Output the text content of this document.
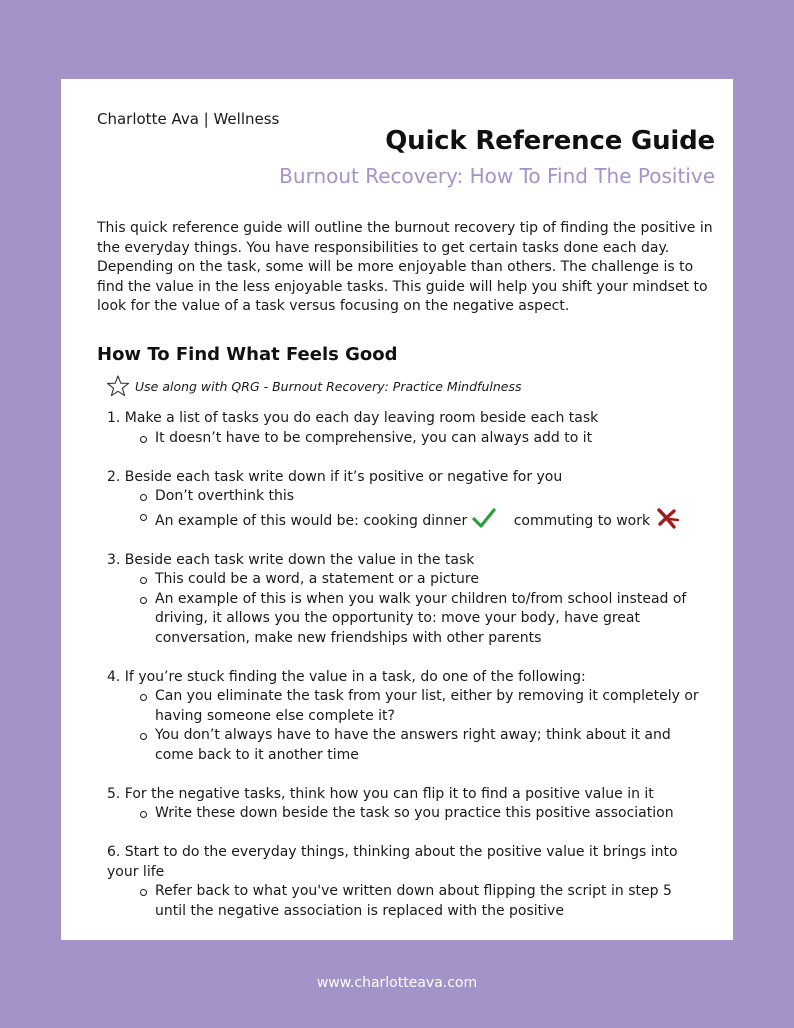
Charlotte Ava | Wellness
Quick Reference Guide
Burnout Recovery: How To Find The Positive
This quick reference guide will outline the burnout recovery tip of finding the positive in the everyday things. You have responsibilities to get certain tasks done each day. Depending on the task, some will be more enjoyable than others. The challenge is to find the value in the less enjoyable tasks. This guide will help you shift your mindset to look for the value of a task versus focusing on the negative aspect.
How To Find What Feels Good
Use along with QRG - Burnout Recovery: Practice Mindfulness
1. Make a list of tasks you do each day leaving room beside each task
It doesn’t have to be comprehensive, you can always add to it
2. Beside each task write down if it’s positive or negative for you
Don’t overthink this
An example of this would be: cooking dinner	commuting to work
3. Beside each task write down the value in the task
This could be a word, a statement or a picture
An example of this is when you walk your children to/from school instead of driving, it allows you the opportunity to: move your body, have great conversation, make new friendships with other parents
4. If you’re stuck finding the value in a task, do one of the following:
Can you eliminate the task from your list, either by removing it completely or having someone else complete it?
You don’t always have to have the answers right away; think about it and come back to it another time
5. For the negative tasks, think how you can flip it to find a positive value in it
Write these down beside the task so you practice this positive association
6. Start to do the everyday things, thinking about the positive value it brings into your life
Refer back to what you've written down about flipping the script in step 5 until the negative association is replaced with the positive
www.charlotteava.com
